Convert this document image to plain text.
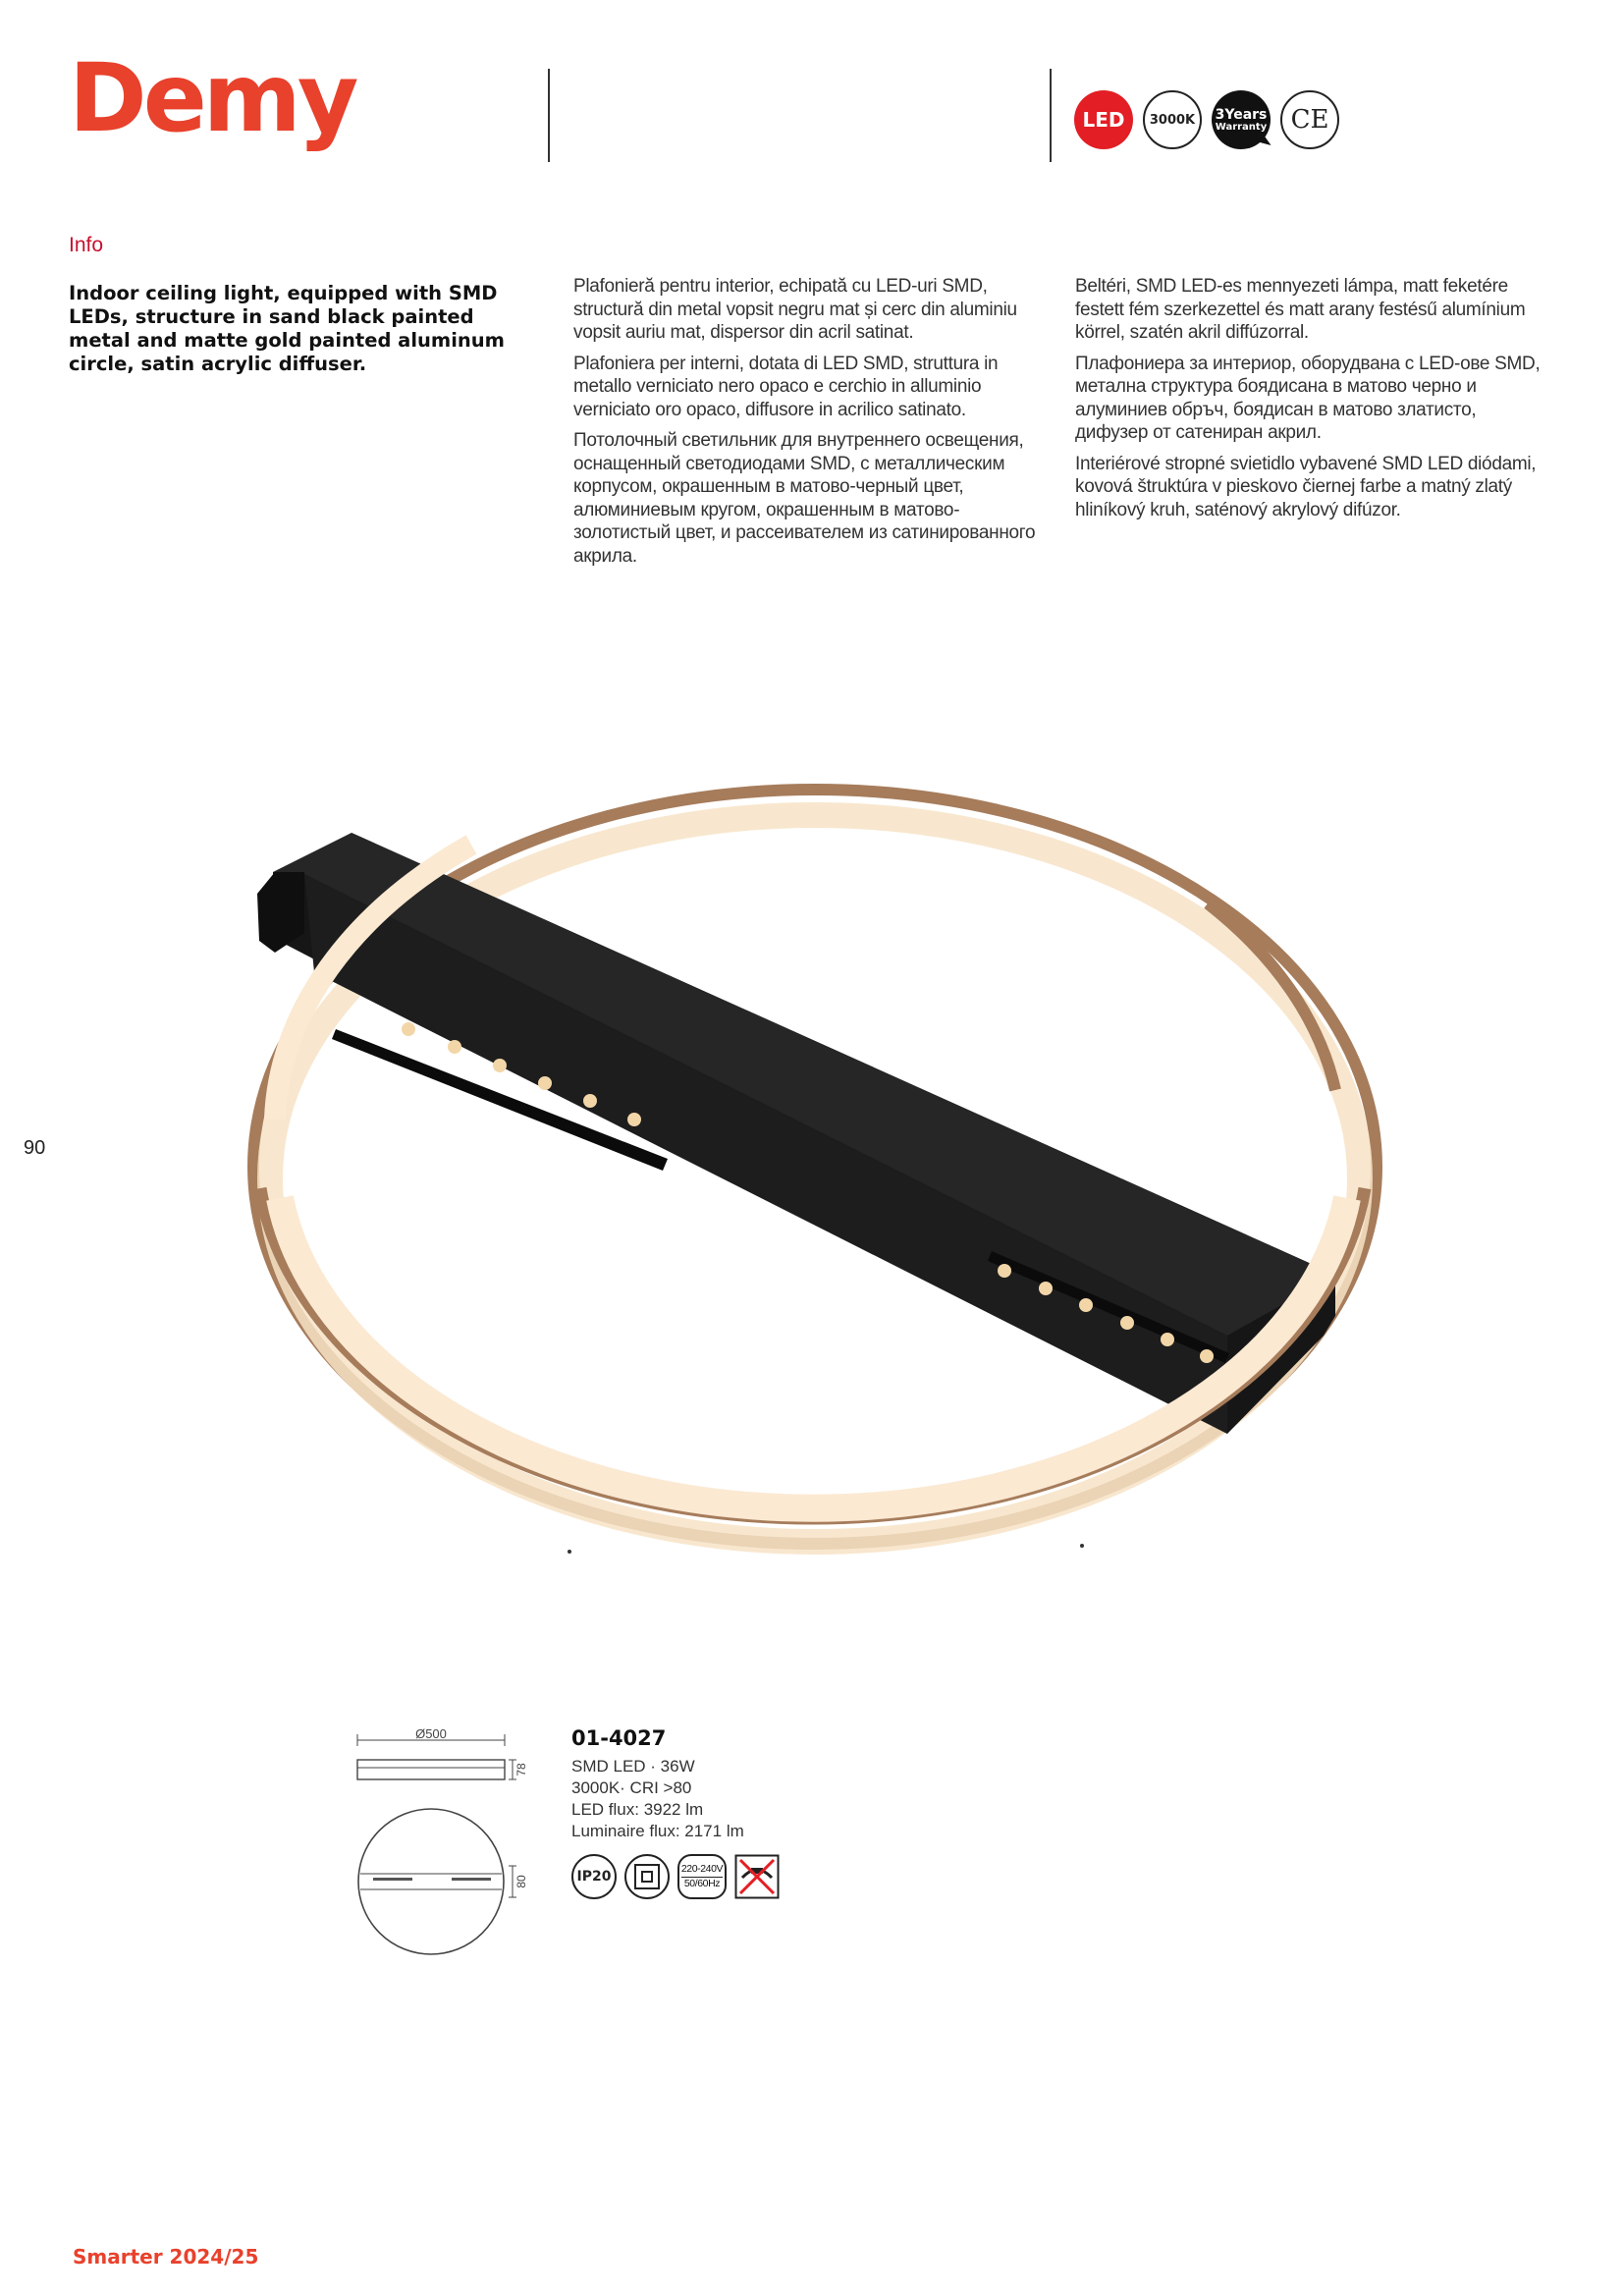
Demy	LED	3000K	3Years
Warranty CE
Info
Indoor ceiling light, equipped with SMD LEDs, structure in sand black painted metal and matte gold painted aluminum circle, satin acrylic diffuser.

Plafonieră pentru interior, echipată cu LED-uri SMD, structură din metal vopsit negru mat și cerc din aluminiu vopsit auriu mat, dispersor din acril satinat.

Plafoniera per interni, dotata di LED SMD, struttura in metallo verniciato nero opaco e cerchio in alluminio verniciato oro opaco, diffusore in acrilico satinato.

Потолочный светильник для внутреннего освещения, оснащенный светодиодами SMD, с металлическим корпусом, окрашенным в матово-черный цвет, алюминиевым кругом, окрашенным в матово-золотистый цвет, и рассеивателем из сатинированного акрила.

Beltéri, SMD LED-es mennyezeti lámpa, matt feketére festett fém szerkezettel és matt arany festésű alumínium körrel, szatén akril diffúzorral.

Плафониера за интериор, оборудвана с LED-ове SMD, метална структура боядисана в матово черно и алуминиев обръч, боядисан в матово златисто, дифузер от сатениран акрил.

Interiérové stropné svietidlo vybavené SMD LED diódami, kovová štruktúra v pieskovo čiernej farbe a matný zlatý hliníkový kruh, saténový akrylový difúzor.

90
Ø500
78
80
01-4027
SMD LED · 36W
3000K· CRI >80
LED flux: 3922 lm
Luminaire flux: 2171 lm
IP20	220-240V
50/60Hz
Smarter 2024/25
